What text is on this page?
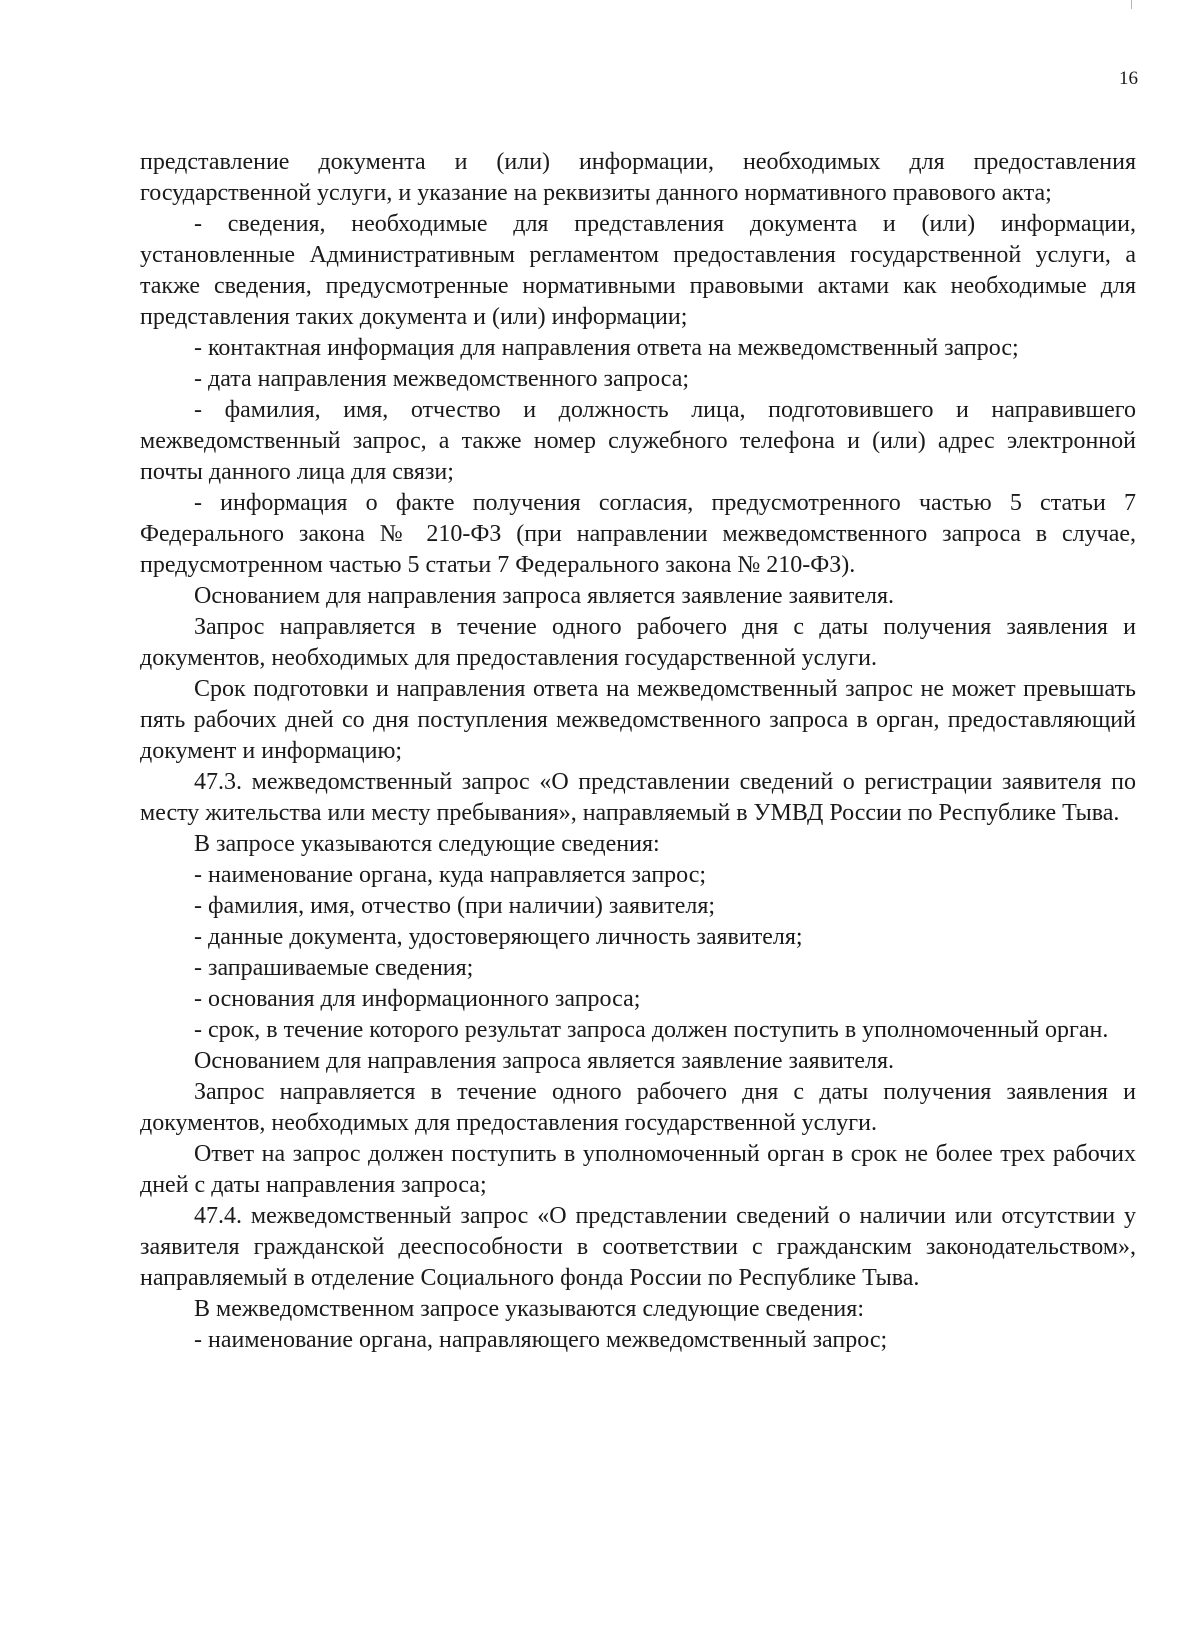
16

представление документа и (или) информации, необходимых для предоставления государственной услуги, и указание на реквизиты данного нормативного правового акта;

- сведения, необходимые для представления документа и (или) информации, установленные Административным регламентом предоставления государственной услуги, а также сведения, предусмотренные нормативными правовыми актами как необходимые для представления таких документа и (или) информации;

- контактная информация для направления ответа на межведомственный запрос;

- дата направления межведомственного запроса;

- фамилия, имя, отчество и должность лица, подготовившего и направившего межведомственный запрос, а также номер служебного телефона и (или) адрес электронной почты данного лица для связи;

- информация о факте получения согласия, предусмотренного частью 5 статьи 7 Федерального закона № 210-ФЗ (при направлении межведомственного запроса в случае, предусмотренном частью 5 статьи 7 Федерального закона № 210-ФЗ).

Основанием для направления запроса является заявление заявителя.

Запрос направляется в течение одного рабочего дня с даты получения заявления и документов, необходимых для предоставления государственной услуги.

Срок подготовки и направления ответа на межведомственный запрос не может превышать пять рабочих дней со дня поступления межведомственного запроса в орган, предоставляющий документ и информацию;

47.3. межведомственный запрос «О представлении сведений о регистрации заявителя по месту жительства или месту пребывания», направляемый в УМВД России по Республике Тыва.

В запросе указываются следующие сведения:

- наименование органа, куда направляется запрос;

- фамилия, имя, отчество (при наличии) заявителя;

- данные документа, удостоверяющего личность заявителя;

- запрашиваемые сведения;

- основания для информационного запроса;

- срок, в течение которого результат запроса должен поступить в уполномоченный орган.

Основанием для направления запроса является заявление заявителя.

Запрос направляется в течение одного рабочего дня с даты получения заявления и документов, необходимых для предоставления государственной услуги.

Ответ на запрос должен поступить в уполномоченный орган в срок не более трех рабочих дней с даты направления запроса;

47.4. межведомственный запрос «О представлении сведений о наличии или отсутствии у заявителя гражданской дееспособности в соответствии с гражданским законодательством», направляемый в отделение Социального фонда России по Республике Тыва.

В межведомственном запросе указываются следующие сведения:

- наименование органа, направляющего межведомственный запрос;
